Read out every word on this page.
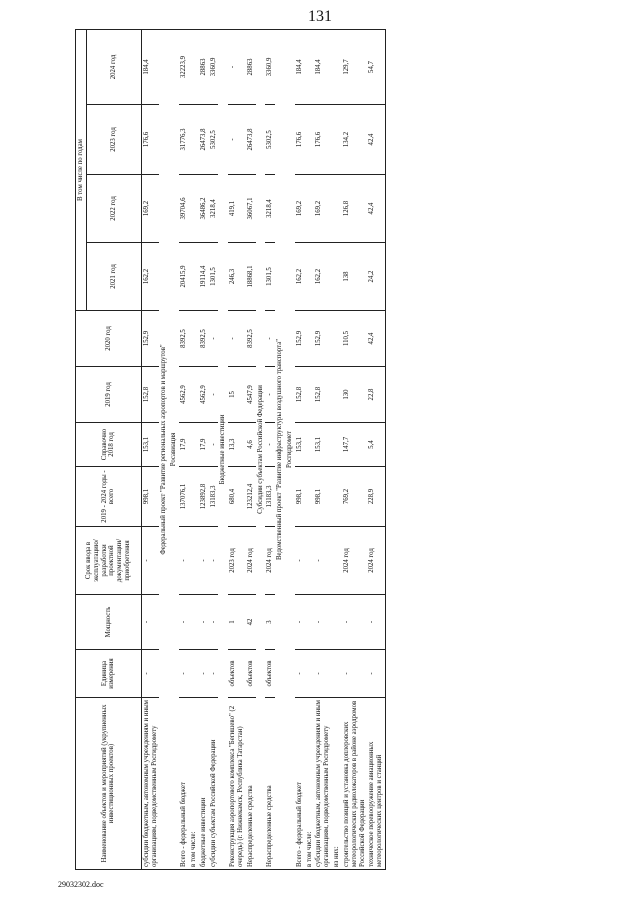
131
Наименование объектов и мероприятий (укрупненных инвестиционных проектов)	Единица измерения	Мощность	Срок ввода в эксплуатацию/ разработки проектной документации/ приобретения	2019 - 2024 годы - всего	Справочно 2018 год	2019 год	2020 год	В том числе по годам			
								2021 год	2022 год	2023 год	2024 год
субсидии бюджетным, автономным учреждениям и иным организациям, подведомственным Росгидромету	-	-	-	998,1	153,1	152,8	152,9	162,2	169,2	176,6	184,4
Федеральный проект "Развитие региональных аэропортов и маршрутов"											
Росавиация											
Всего - федеральный бюджет	-	-	-	137076,1	17,9	4562,9	8392,5	20415,9	39704,6	31776,3	32223,9
в том числе:											
бюджетные инвестиции	-	-	-	123892,8	17,9	4562,9	8392,5	19114,4	36486,2	26473,8	28863
субсидии субъектам Российской Федерации	-	-	-	13183,3	-	-	-	1301,5	3218,4	5302,5	3360,9
Бюджетные инвестиции											
Реконструкция аэропортового комплекса "Бегишево" (2 очередь) (г. Нижнекамск, Республика Татарстан)	объектов	1	2023 год	680,4	13,3	15	-	246,3	419,1	-	-
Нераспределенные средства	объектов	42	2024 год	123212,4	4,6	4547,9	8392,5	18868,1	36067,1	26473,8	28863
Субсидии субъектам Российской Федерации											
Нераспределенные средства	объектов	3	2024 год	13183,3	-	-	-	1301,5	3218,4	5302,5	3360,9
Ведомственный проект "Развитие инфраструктуры воздушного транспорта"											
Росгидромет											
Всего - федеральный бюджет	-	-	-	998,1	153,1	152,8	152,9	162,2	169,2	176,6	184,4
в том числе:											
субсидии бюджетным, автономным учреждениям и иным организациям, подведомственным Росгидромету	-	-	-	998,1	153,1	152,8	152,9	162,2	169,2	176,6	184,4
из них:											
строительство позиций и установка доплеровских метеорологических радиолокаторов в районе аэродромов Российской Федерации	-	-	2024 год	769,2	147,7	130	110,5	138	126,8	134,2	129,7
техническое перевооружение авиационных метеорологических центров и станций	-	-	2024 год	228,9	5,4	22,8	42,4	24,2	42,4	42,4	54,7
29032302.doc
